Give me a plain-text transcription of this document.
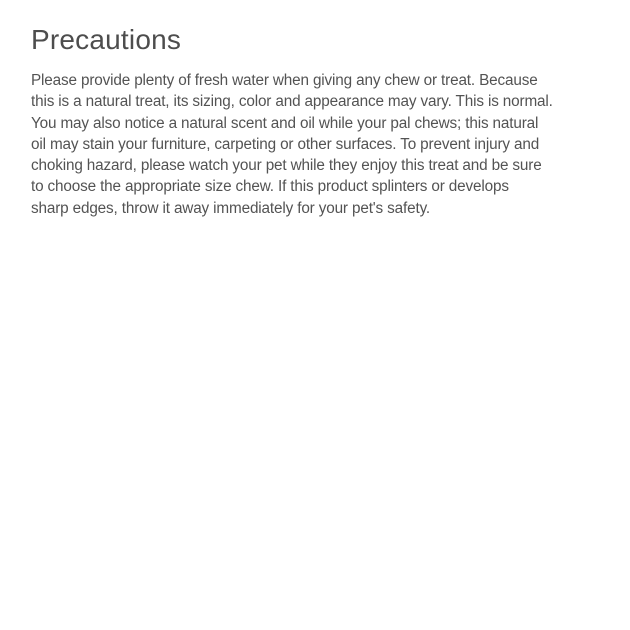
Precautions
Please provide plenty of fresh water when giving any chew or treat. Because
this is a natural treat, its sizing, color and appearance may vary. This is normal.
You may also notice a natural scent and oil while your pal chews; this natural
oil may stain your furniture, carpeting or other surfaces. To prevent injury and
choking hazard, please watch your pet while they enjoy this treat and be sure
to choose the appropriate size chew. If this product splinters or develops
sharp edges, throw it away immediately for your pet's safety.
